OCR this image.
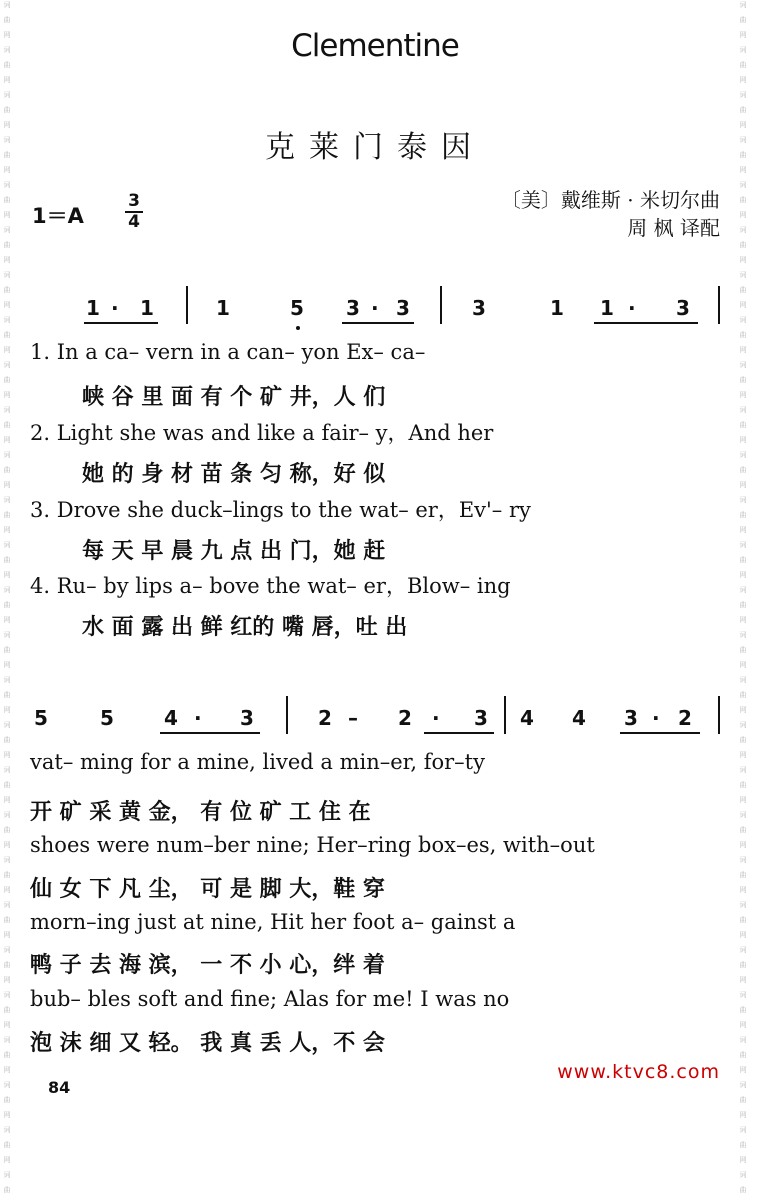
词
曲
网
词
曲
网
词
曲
网
词
曲
网
词
曲
网
词
曲
网
词
曲
网
词
曲
网
词
曲
网
词
曲
网
词
曲
网
词
曲
网
词
曲
网
词
曲
网
词
曲
网
词
曲
网
词
曲
网
词
曲
网
词
曲
网
词
曲
网
词
曲
网
词
曲
网
词
曲
网
词
曲
网
词
曲
网
词
曲
网
词
曲
词
曲
网
词
曲
网
词
曲
网
词
曲
网
词
曲
网
词
曲
网
词
曲
网
词
曲
网
词
曲
网
词
曲
网
词
曲
网
词
曲
网
词
曲
网
词
曲
网
词
曲
网
词
曲
网
词
曲
网
词
曲
网
词
曲
网
词
曲
网
词
曲
网
词
曲
网
词
曲
网
词
曲
网
词
曲
网
词
曲
网
词
曲
Clementine
克莱门泰因
1＝A
3
4
〔美〕戴维斯 · 米切尔曲
周 枫 译配
1 · 1	1	5 3 · 3	3	1 1 · 3
1. In a ca– vern in a can– yon Ex– ca–
峡 谷 里 面 有 个 矿 井，人 们
2. Light she was and like a fair– y，And her
她 的 身 材 苗 条 匀 称，好 似
3. Drove she duck–lings to the wat– er，Ev'– ry
每 天 早 晨 九 点 出 门，她 赶
4. Ru– by lips a– bove the wat– er，Blow– ing
水 面 露 出 鲜 红的 嘴 唇，吐 出
5	5	4 · 3	2 – 2 · 3 4 4 3 · 2
vat– ming for a mine, lived a min–er, for–ty
开 矿 采 黄 金， 有 位 矿 工 住 在
shoes were num–ber nine; Her–ring box–es, with–out
仙 女 下 凡 尘， 可 是 脚 大，鞋 穿
morn–ing just at nine, Hit her foot a– gainst a
鸭 子 去 海 滨， 一 不 小 心，绊 着
bub– bles soft and fine; Alas for me! I was no
泡 沫 细 又 轻。 我 真 丢 人，不 会
84
www.ktvc8.com
